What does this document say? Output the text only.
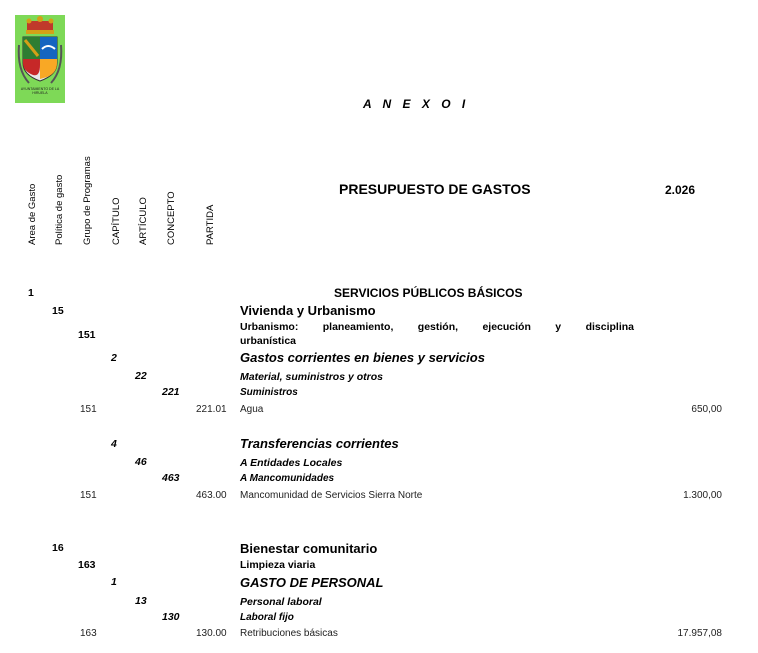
AYUNTAMIENTO DE LA HIRUELA
A N E X O I
Area de Gasto Política de gasto Grupo de Programas CAPÍTULO ARTÍCULO CONCEPTO	PARTIDA
PRESUPUESTO DE GASTOS	2.026
1	SERVICIOS PÚBLICOS BÁSICOS
15	Vivienda y Urbanismo
151
Urbanismo: planeamiento, gestión, ejecución y disciplina
urbanística
2	Gastos corrientes en bienes y servicios
22	Material, suministros y otros
221	Suministros
151	221.01 Agua	650,00
4	Transferencias corrientes
46	A Entidades Locales
463	A Mancomunidades
151	463.00 Mancomunidad de Servicios Sierra Norte	1.300,00
16	Bienestar comunitario
163	Limpieza viaria
1	GASTO DE PERSONAL
13	Personal laboral
130	Laboral fijo
163	130.00 Retribuciones básicas	17.957,08
